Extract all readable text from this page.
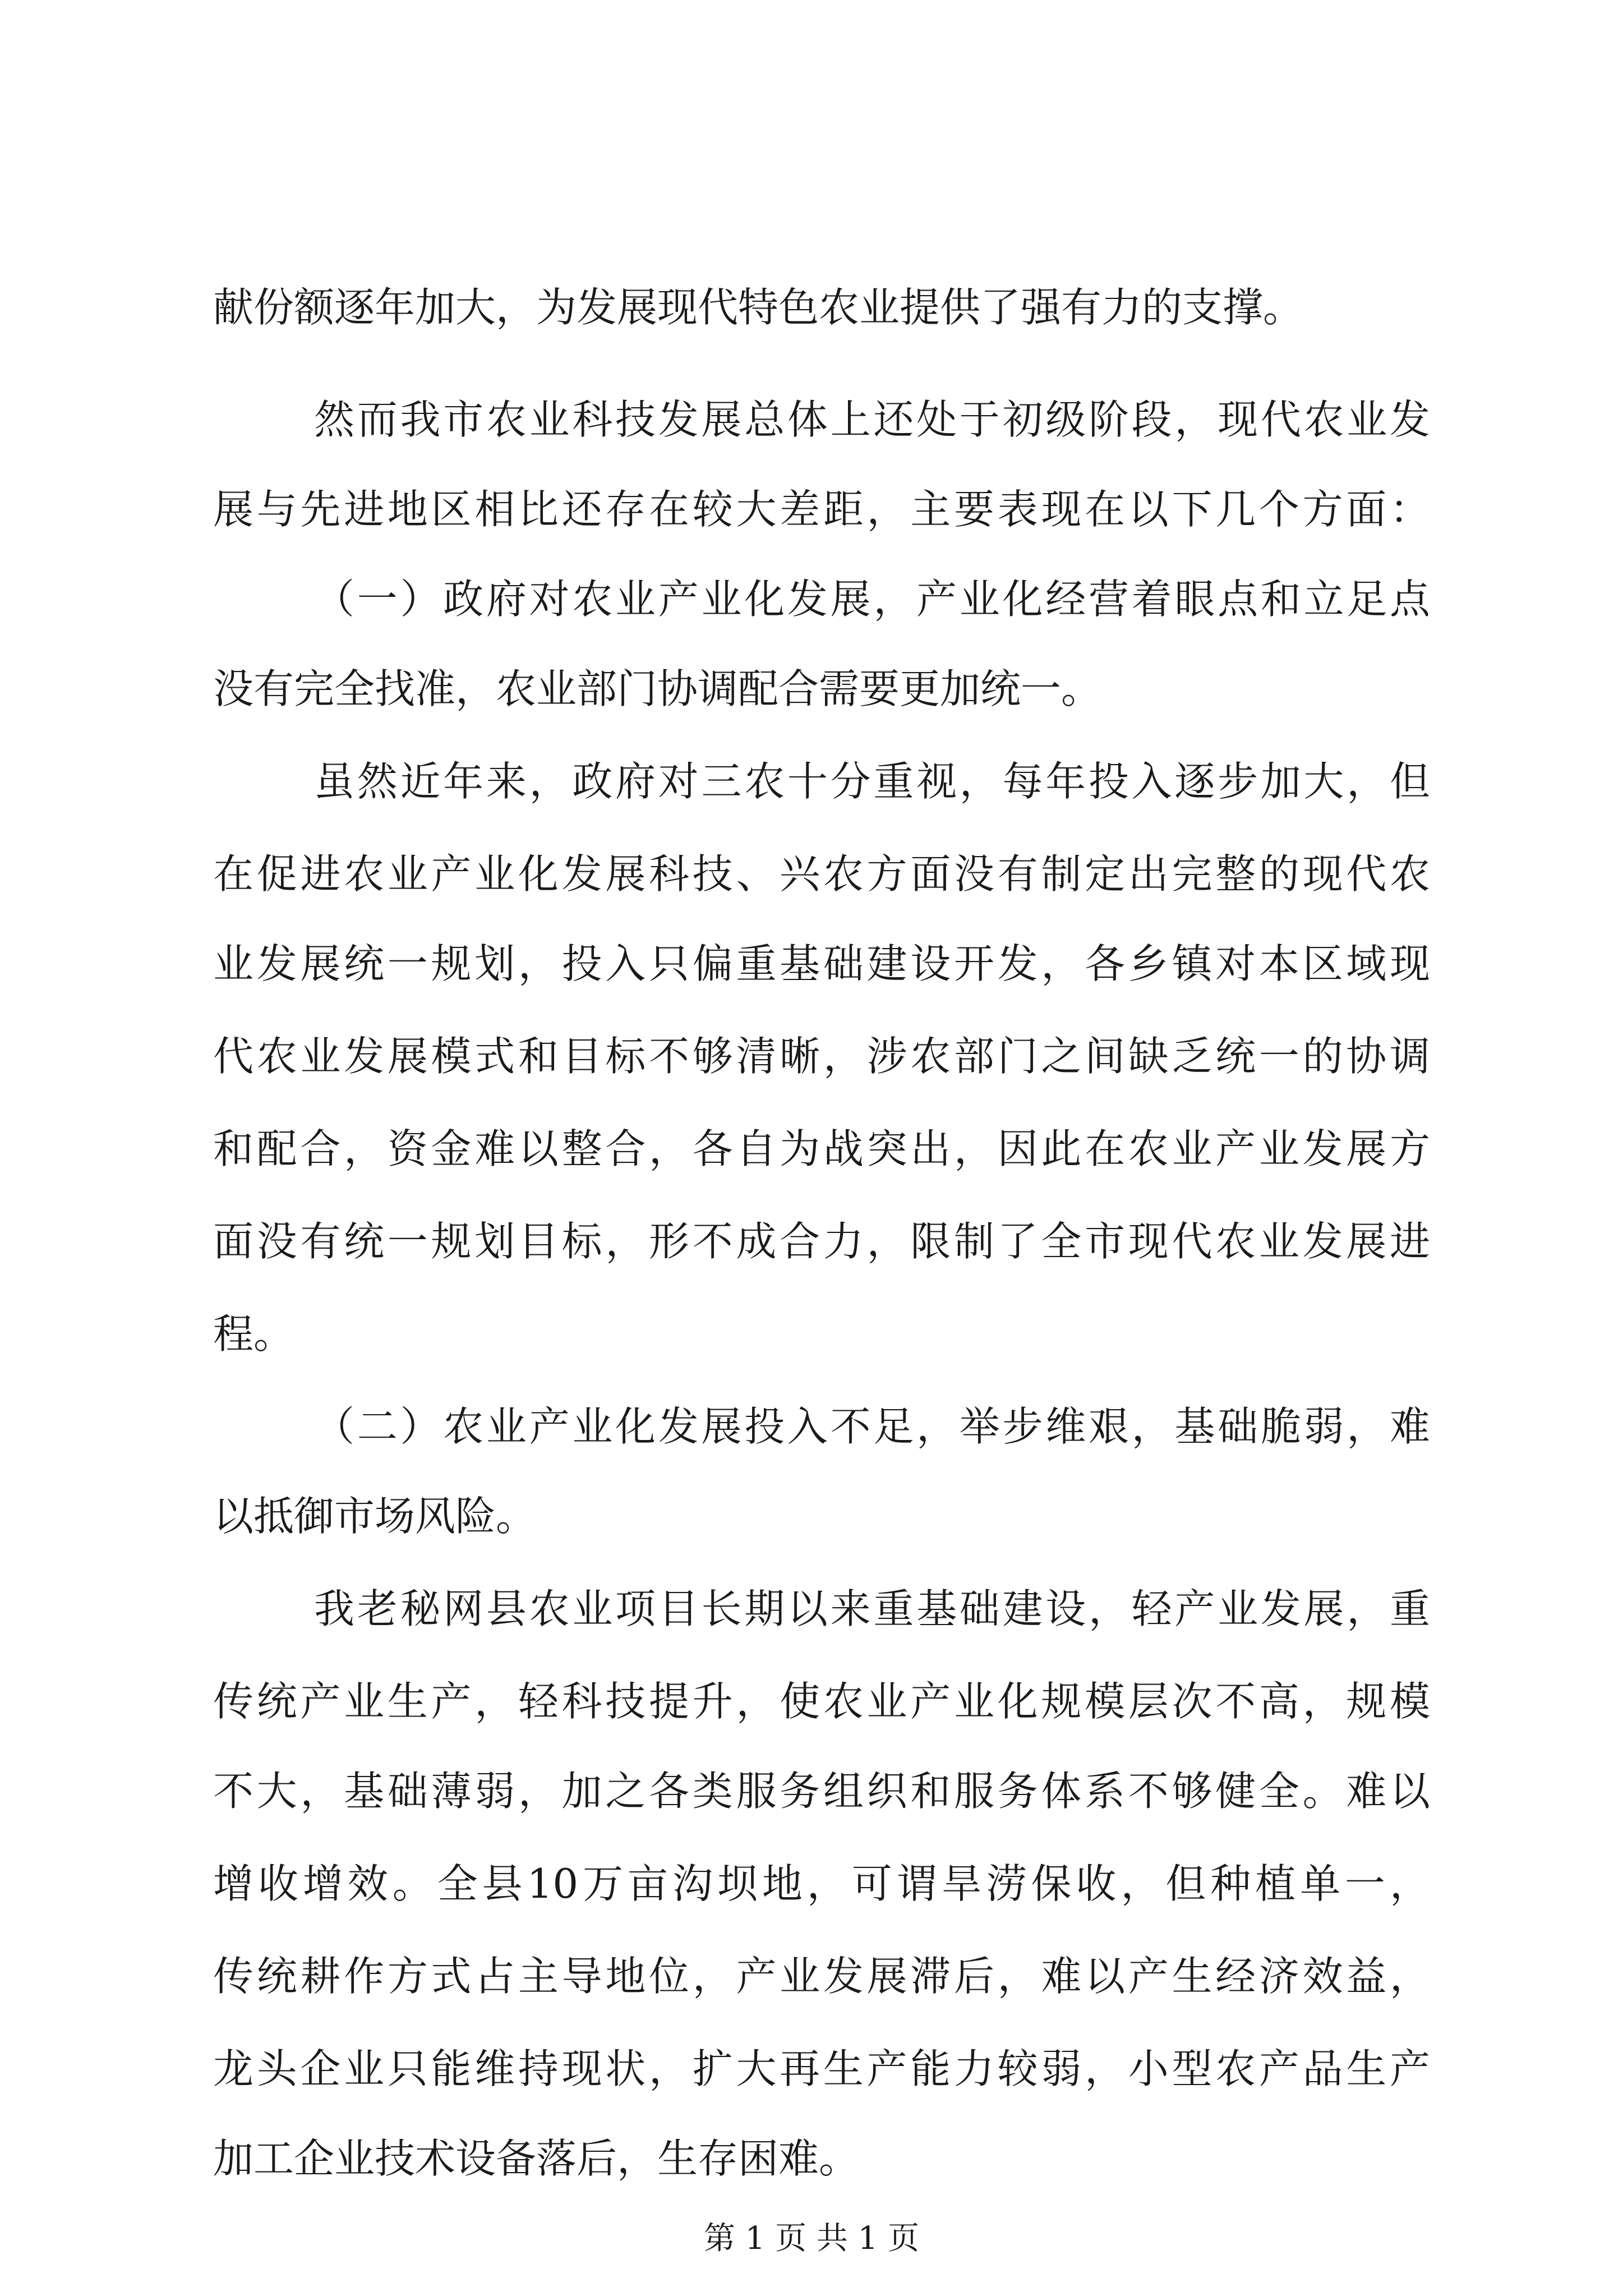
献份额逐年加大，为发展现代特色农业提供了强有力的支撑。
然而我市农业科技发展总体上还处于初级阶段，现代农业发
展与先进地区相比还存在较大差距，主要表现在以下几个方面：
（一）政府对农业产业化发展，产业化经营着眼点和立足点
没有完全找准，农业部门协调配合需要更加统一。
虽然近年来，政府对三农十分重视，每年投入逐步加大，但
在促进农业产业化发展科技、兴农方面没有制定出完整的现代农
业发展统一规划，投入只偏重基础建设开发，各乡镇对本区域现
代农业发展模式和目标不够清晰，涉农部门之间缺乏统一的协调
和配合，资金难以整合，各自为战突出，因此在农业产业发展方
面没有统一规划目标，形不成合力，限制了全市现代农业发展进
程。
（二）农业产业化发展投入不足，举步维艰，基础脆弱，难
以抵御市场风险。
我老秘网县农业项目长期以来重基础建设，轻产业发展，重
传统产业生产，轻科技提升，使农业产业化规模层次不高，规模
不大，基础薄弱，加之各类服务组织和服务体系不够健全。难以
增收增效。全县10万亩沟坝地，可谓旱涝保收，但种植单一，
传统耕作方式占主导地位，产业发展滞后，难以产生经济效益，
龙头企业只能维持现状，扩大再生产能力较弱，小型农产品生产
加工企业技术设备落后，生存困难。
第 1 页 共 1 页
